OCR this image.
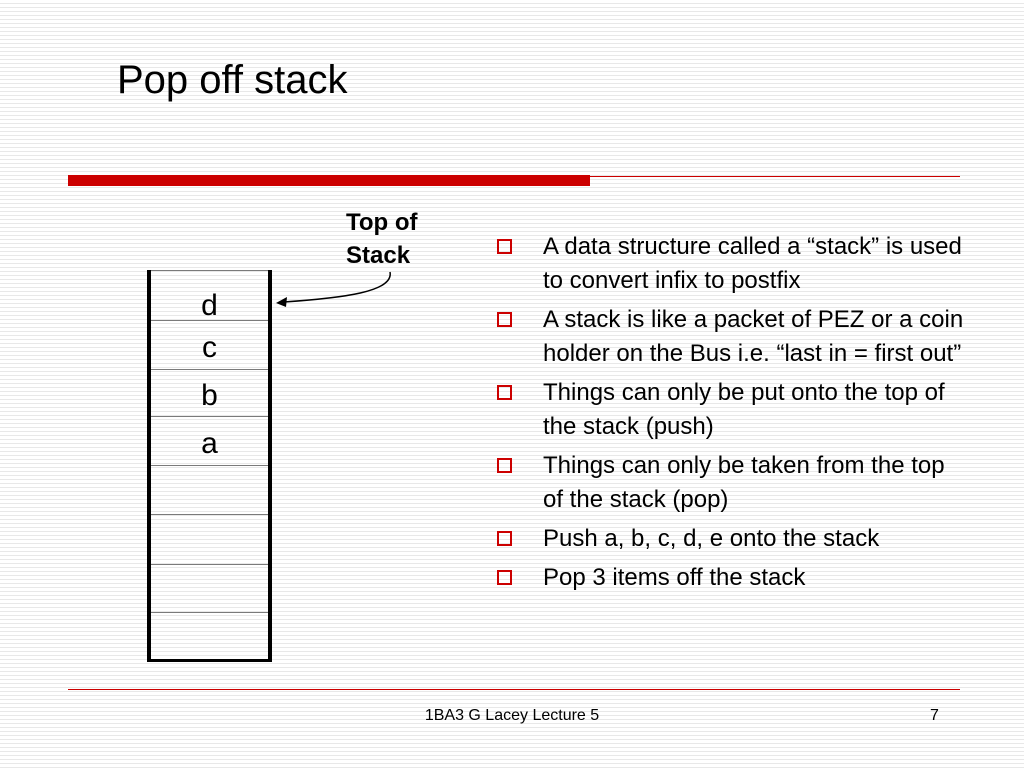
Pop off stack
d
c
b
a
Top of
Stack	A data structure called a “stack” is used to convert infix to postfix
A stack is like a packet of PEZ or a coin holder on the Bus i.e. “last in = first out”
Things can only be put onto the top of the stack (push)
Things can only be taken from the top of the stack (pop)
Push a, b, c, d, e onto the stack
Pop 3 items off the stack
1BA3 G Lacey Lecture 5	7
